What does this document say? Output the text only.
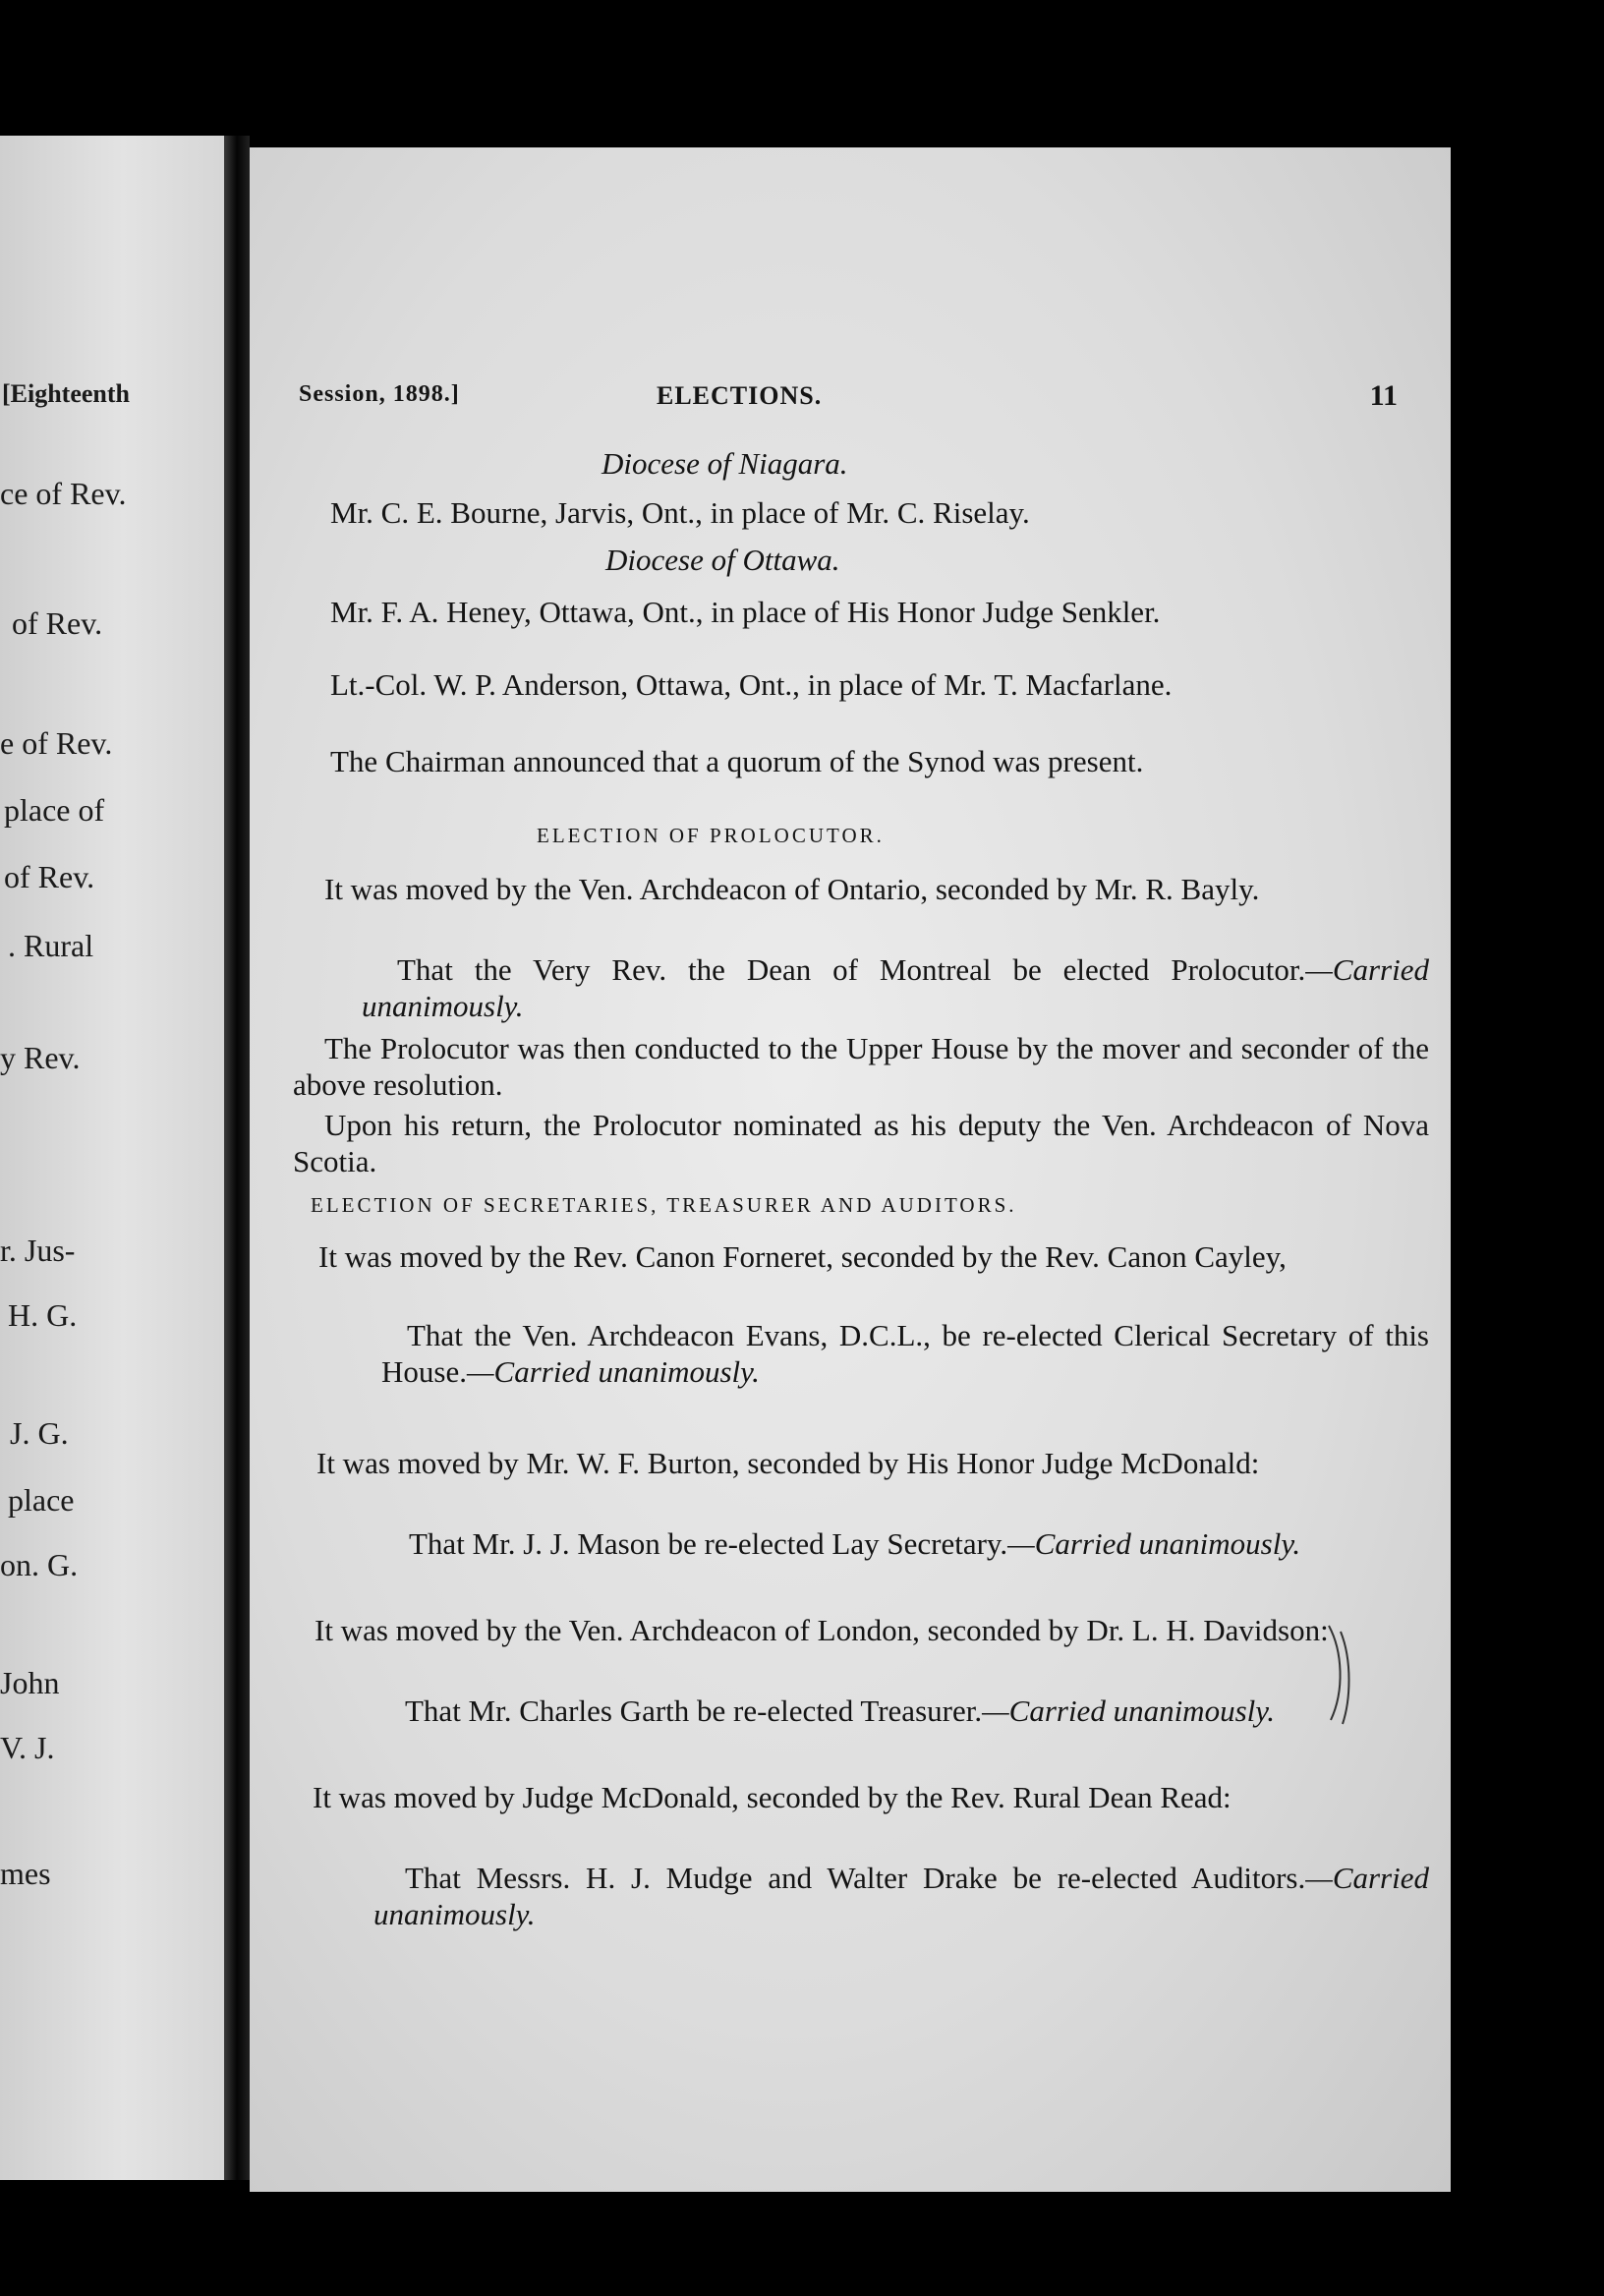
[Eighteenth
ce of Rev.
of Rev.
e of Rev.
place of
of Rev.
. Rural
y Rev.
r. Jus-
H. G.
J. G.
place
on. G.
John
V. J.
mes
Session, 1898.]	ELECTIONS.	11
Diocese of Niagara.
Mr. C. E. Bourne, Jarvis, Ont., in place of Mr. C. Riselay.
Diocese of Ottawa.
Mr. F. A. Heney, Ottawa, Ont., in place of His Honor Judge Senkler.
Lt.-Col. W. P. Anderson, Ottawa, Ont., in place of Mr. T. Macfarlane.
The Chairman announced that a quorum of the Synod was present.
ELECTION OF PROLOCUTOR.
It was moved by the Ven. Archdeacon of Ontario, seconded by Mr. R. Bayly.
That the Very Rev. the Dean of Montreal be elected Prolocutor.—Carried unanimously.
The Prolocutor was then conducted to the Upper House by the mover and seconder of the above resolution.
Upon his return, the Prolocutor nominated as his deputy the Ven. Archdeacon of Nova Scotia.
ELECTION OF SECRETARIES, TREASURER AND AUDITORS.
It was moved by the Rev. Canon Forneret, seconded by the Rev. Canon Cayley,
That the Ven. Archdeacon Evans, D.C.L., be re-elected Clerical Secretary of this House.—Carried unanimously.
It was moved by Mr. W. F. Burton, seconded by His Honor Judge McDonald:
That Mr. J. J. Mason be re-elected Lay Secretary.—Carried unanimously.
It was moved by the Ven. Archdeacon of London, seconded by Dr. L. H. Davidson:
That Mr. Charles Garth be re-elected Treasurer.—Carried unanimously.
It was moved by Judge McDonald, seconded by the Rev. Rural Dean Read:
That Messrs. H. J. Mudge and Walter Drake be re-elected Auditors.—Carried unanimously.
